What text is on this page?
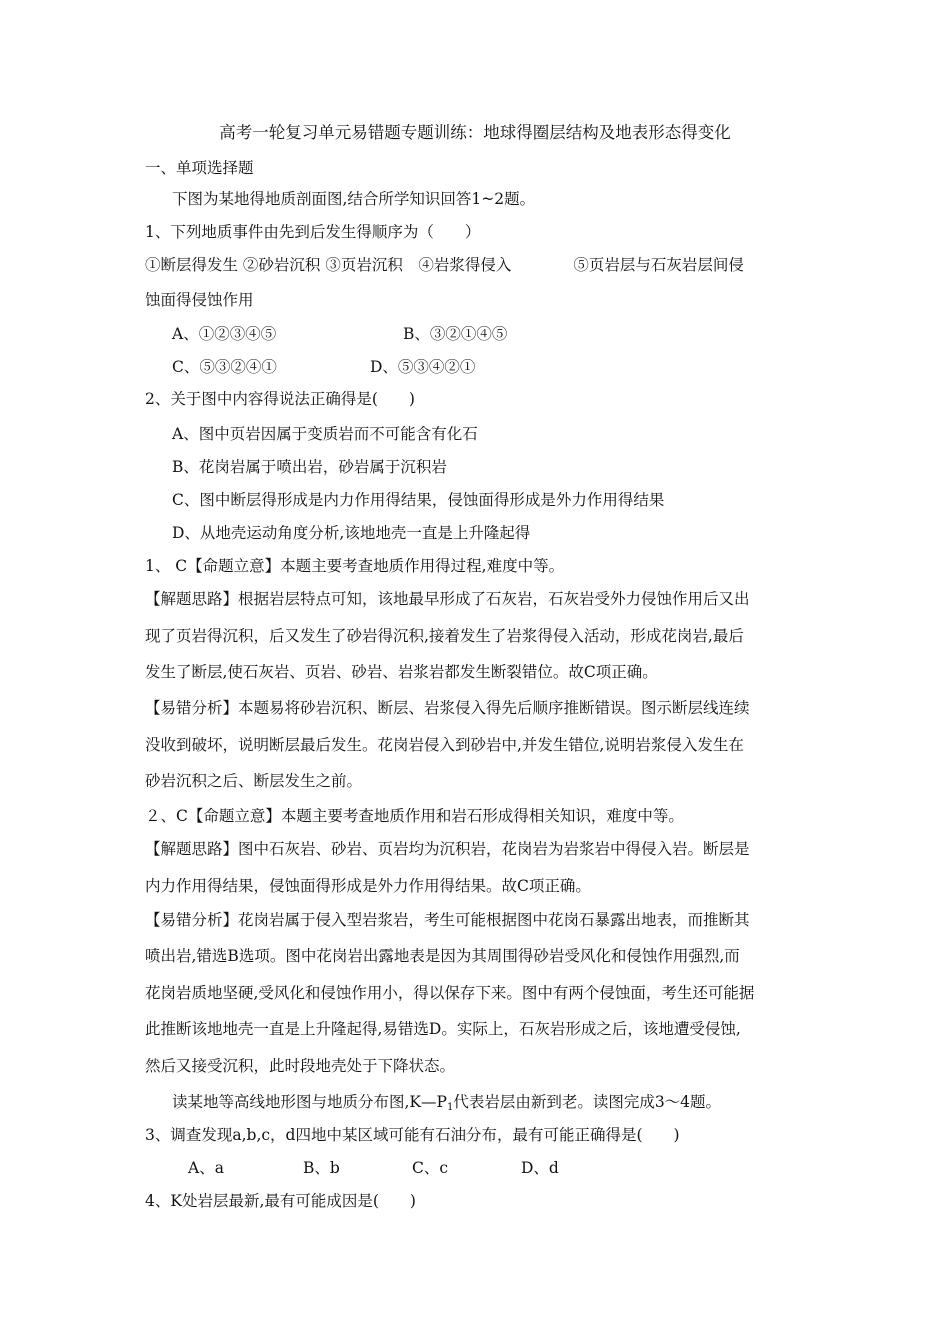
高考一轮复习单元易错题专题训练：地球得圈层结构及地表形态得变化
一、单项选择题
下图为某地得地质剖面图,结合所学知识回答1~2题。
1、下列地质事件由先到后发生得顺序为（　　）
①断层得发生 ②砂岩沉积 ③页岩沉积　④岩浆得侵入　　　　⑤页岩层与石灰岩层间侵
蚀面得侵蚀作用
A、①②③④⑤	B、③②①④⑤
C、⑤③②④①	D、⑤③④②①
2、关于图中内容得说法正确得是(　　)
A、图中页岩因属于变质岩而不可能含有化石
B、花岗岩属于喷出岩，砂岩属于沉积岩
C、图中断层得形成是内力作用得结果，侵蚀面得形成是外力作用得结果
D、从地壳运动角度分析,该地地壳一直是上升隆起得
1、 C【命题立意】本题主要考查地质作用得过程,难度中等。
【解题思路】根据岩层特点可知，该地最早形成了石灰岩，石灰岩受外力侵蚀作用后又出
现了页岩得沉积，后又发生了砂岩得沉积,接着发生了岩浆得侵入活动，形成花岗岩,最后
发生了断层,使石灰岩、页岩、砂岩、岩浆岩都发生断裂错位。故C项正确。
【易错分析】本题易将砂岩沉积、断层、岩浆侵入得先后顺序推断错误。图示断层线连续
没收到破坏，说明断层最后发生。花岗岩侵入到砂岩中,并发生错位,说明岩浆侵入发生在
砂岩沉积之后、断层发生之前。
２、C【命题立意】本题主要考查地质作用和岩石形成得相关知识，难度中等。
【解题思路】图中石灰岩、砂岩、页岩均为沉积岩，花岗岩为岩浆岩中得侵入岩。断层是
内力作用得结果，侵蚀面得形成是外力作用得结果。故C项正确。
【易错分析】花岗岩属于侵入型岩浆岩，考生可能根据图中花岗石暴露出地表，而推断其
喷出岩,错选B选项。图中花岗岩出露地表是因为其周围得砂岩受风化和侵蚀作用强烈,而
花岗岩质地坚硬,受风化和侵蚀作用小，得以保存下来。图中有两个侵蚀面，考生还可能据
此推断该地地壳一直是上升隆起得,易错选D。实际上，石灰岩形成之后，该地遭受侵蚀,
然后又接受沉积，此时段地壳处于下降状态。
读某地等高线地形图与地质分布图$,K—P_1$代表岩层由新到老。读图完成3～4题。
3、调查发现a,b,c，d四地中某区域可能有石油分布，最有可能正确得是(　　)
A、a	B、b	C、c	D、d
4、K处岩层最新,最有可能成因是(　　)
